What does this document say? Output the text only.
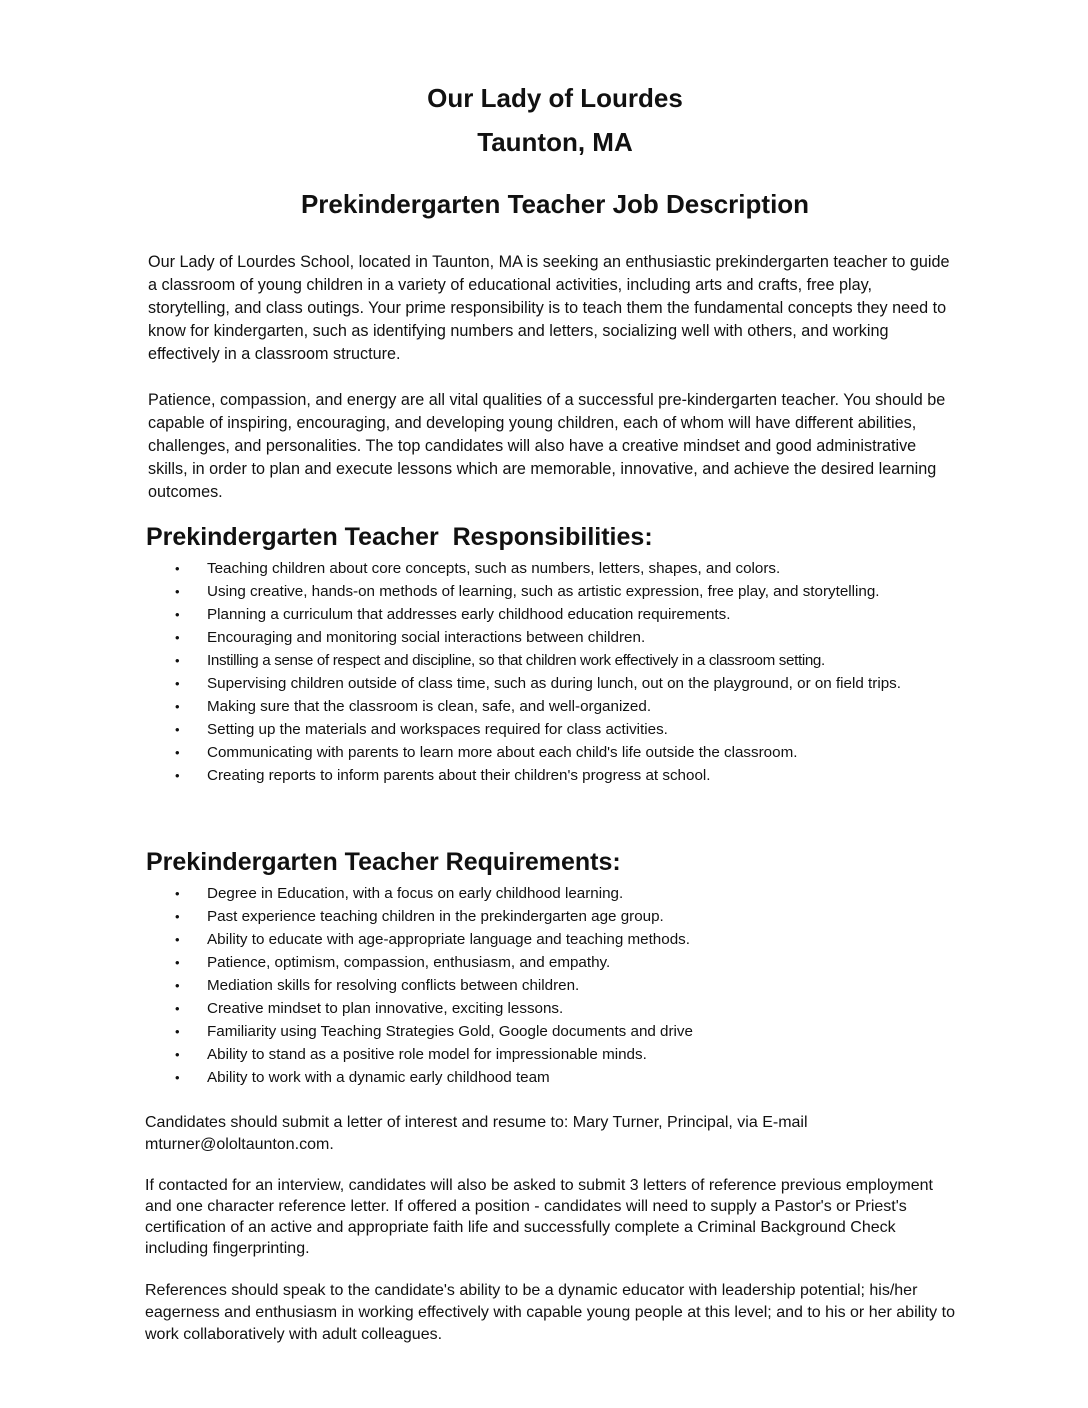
Our Lady of Lourdes
Taunton, MA
Prekindergarten Teacher Job Description

Our Lady of Lourdes School, located in Taunton, MA is seeking an enthusiastic prekindergarten teacher to guide a classroom of young children in a variety of educational activities, including arts and crafts, free play, storytelling, and class outings. Your prime responsibility is to teach them the fundamental concepts they need to know for kindergarten, such as identifying numbers and letters, socializing well with others, and working effectively in a classroom structure.

Patience, compassion, and energy are all vital qualities of a successful pre-kindergarten teacher. You should be capable of inspiring, encouraging, and developing young children, each of whom will have different abilities, challenges, and personalities. The top candidates will also have a creative mindset and good administrative skills, in order to plan and execute lessons which are memorable, innovative, and achieve the desired learning outcomes.

Prekindergarten Teacher  Responsibilities:
• Teaching children about core concepts, such as numbers, letters, shapes, and colors.
• Using creative, hands-on methods of learning, such as artistic expression, free play, and storytelling.
• Planning a curriculum that addresses early childhood education requirements.
• Encouraging and monitoring social interactions between children.
• Instilling a sense of respect and discipline, so that children work effectively in a classroom setting.
• Supervising children outside of class time, such as during lunch, out on the playground, or on field trips.
• Making sure that the classroom is clean, safe, and well-organized.
• Setting up the materials and workspaces required for class activities.
• Communicating with parents to learn more about each child's life outside the classroom.
• Creating reports to inform parents about their children's progress at school.
Prekindergarten Teacher Requirements:
• Degree in Education, with a focus on early childhood learning.
• Past experience teaching children in the prekindergarten age group.
• Ability to educate with age-appropriate language and teaching methods.
• Patience, optimism, compassion, enthusiasm, and empathy.
• Mediation skills for resolving conflicts between children.
• Creative mindset to plan innovative, exciting lessons.
• Familiarity using Teaching Strategies Gold, Google documents and drive
• Ability to stand as a positive role model for impressionable minds.
• Ability to work with a dynamic early childhood team

Candidates should submit a letter of interest and resume to: Mary Turner, Principal, via E-mail mturner@ololtaunton.com.

If contacted for an interview, candidates will also be asked to submit 3 letters of reference previous employment and one character reference letter. If offered a position - candidates will need to supply a Pastor's or Priest's certification of an active and appropriate faith life and successfully complete a Criminal Background Check including fingerprinting.

References should speak to the candidate's ability to be a dynamic educator with leadership potential; his/her eagerness and enthusiasm in working effectively with capable young people at this level; and to his or her ability to work collaboratively with adult colleagues.
